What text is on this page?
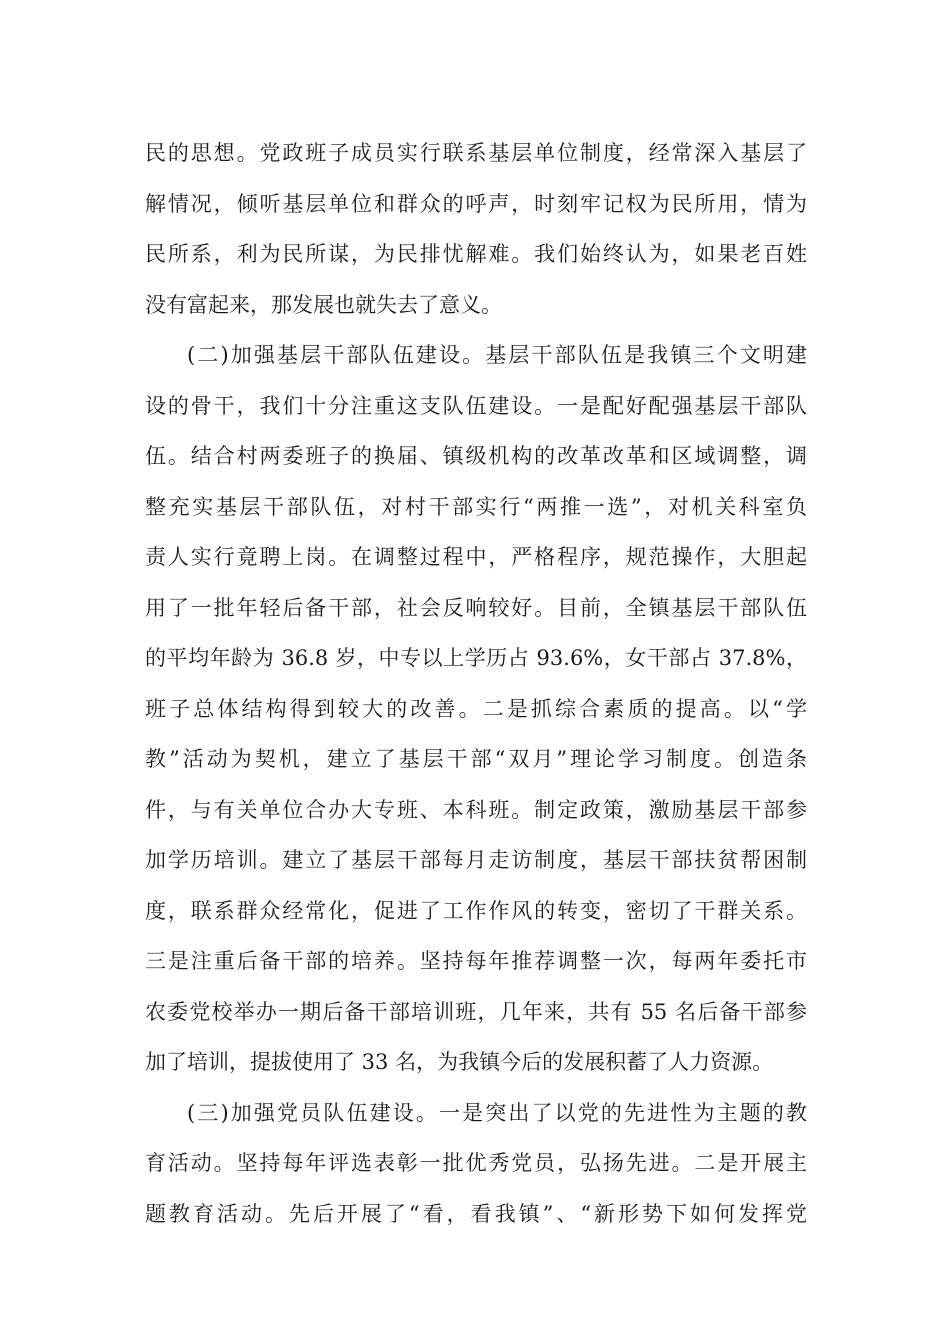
民的思想。党政班子成员实行联系基层单位制度，经常深入基层了
解情况，倾听基层单位和群众的呼声，时刻牢记权为民所用，情为
民所系，利为民所谋，为民排忧解难。我们始终认为，如果老百姓
没有富起来，那发展也就失去了意义。
(二)加强基层干部队伍建设。基层干部队伍是我镇三个文明建
设的骨干，我们十分注重这支队伍建设。一是配好配强基层干部队
伍。结合村两委班子的换届、镇级机构的改革改革和区域调整，调
整充实基层干部队伍，对村干部实行“两推一选”，对机关科室负
责人实行竟聘上岗。在调整过程中，严格程序，规范操作，大胆起
用了一批年轻后备干部，社会反响较好。目前，全镇基层干部队伍
的平均年龄为 36.8 岁，中专以上学历占 93.6%，女干部占 37.8%，
班子总体结构得到较大的改善。二是抓综合素质的提高。以“学
教”活动为契机，建立了基层干部“双月”理论学习制度。创造条
件，与有关单位合办大专班、本科班。制定政策，激励基层干部参
加学历培训。建立了基层干部每月走访制度，基层干部扶贫帮困制
度，联系群众经常化，促进了工作作风的转变，密切了干群关系。
三是注重后备干部的培养。坚持每年推荐调整一次，每两年委托市
农委党校举办一期后备干部培训班，几年来，共有 55 名后备干部参
加了培训，提拔使用了 33 名，为我镇今后的发展积蓄了人力资源。
(三)加强党员队伍建设。一是突出了以党的先进性为主题的教
育活动。坚持每年评选表彰一批优秀党员，弘扬先进。二是开展主
题教育活动。先后开展了“看，看我镇”、“新形势下如何发挥党
